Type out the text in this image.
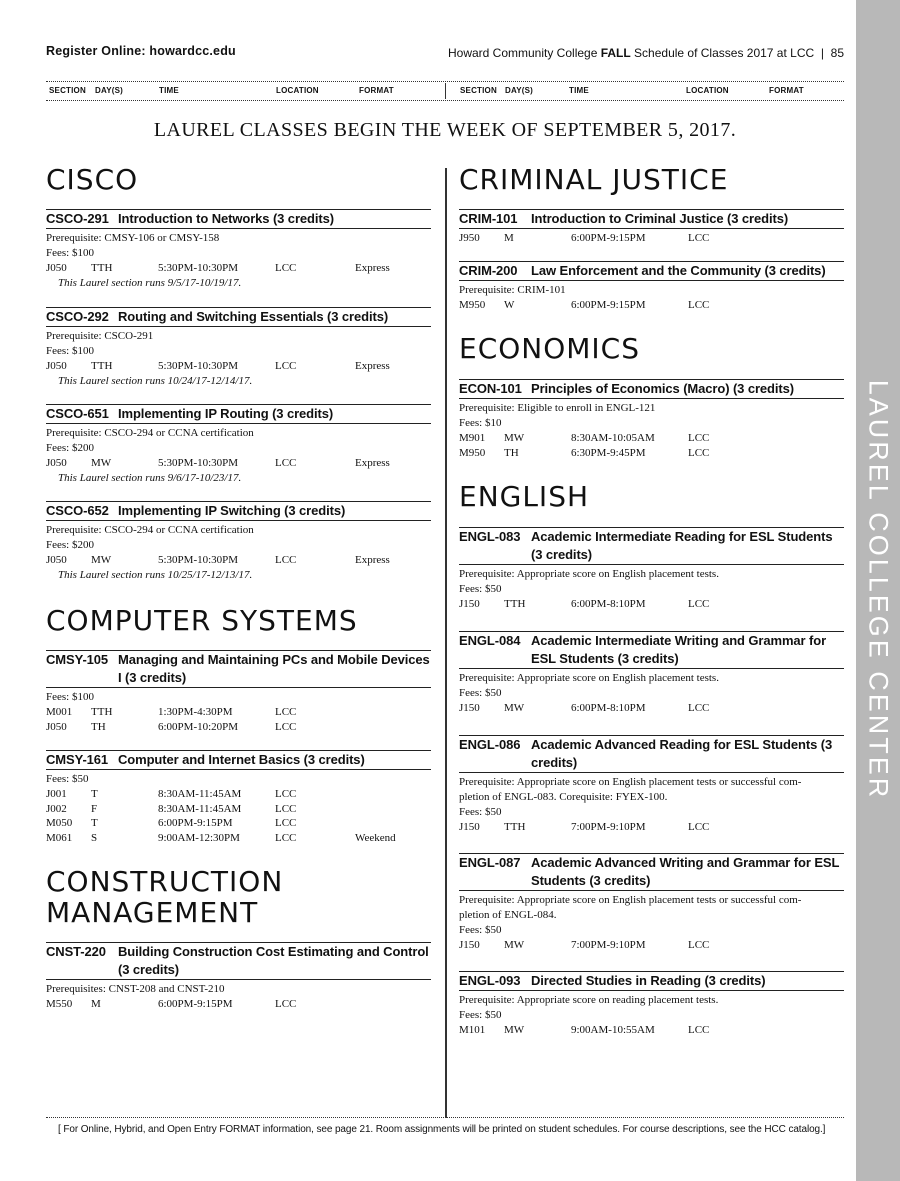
LAUREL COLLEGE CENTER
Register Online: howardcc.edu	Howard Community College FALL Schedule of Classes 2017 at LCC | 85
SECTION DAY(S)	TIME	LOCATION	FORMAT	SECTION DAY(S)	TIME	LOCATION	FORMAT
LAUREL CLASSES BEGIN THE WEEK OF SEPTEMBER 5, 2017.
CISCO
CSCO-291 Introduction to Networks (3 credits)
Prerequisite: CMSY-106 or CMSY-158
Fees: $100
J050	TTH	5:30PM-10:30PM	LCC	Express
This Laurel section runs 9/5/17-10/19/17.
CSCO-292 Routing and Switching Essentials (3 credits)
Prerequisite: CSCO-291
Fees: $100
J050	TTH	5:30PM-10:30PM	LCC	Express
This Laurel section runs 10/24/17-12/14/17.
CSCO-651 Implementing IP Routing (3 credits)
Prerequisite: CSCO-294 or CCNA certification
Fees: $200
J050	MW	5:30PM-10:30PM	LCC	Express
This Laurel section runs 9/6/17-10/23/17.
CSCO-652 Implementing IP Switching (3 credits)
Prerequisite: CSCO-294 or CCNA certification
Fees: $200
J050	MW	5:30PM-10:30PM	LCC	Express
This Laurel section runs 10/25/17-12/13/17.
COMPUTER SYSTEMS
CMSY-105 Managing and Maintaining PCs and Mobile Devices I (3 credits)
Fees: $100
M001	TTH	1:30PM-4:30PM	LCC
J050	TH	6:00PM-10:20PM	LCC
CMSY-161 Computer and Internet Basics (3 credits)
Fees: $50
J001	T	8:30AM-11:45AM	LCC
J002	F	8:30AM-11:45AM	LCC
M050	T	6:00PM-9:15PM	LCC
M061	S	9:00AM-12:30PM	LCC	Weekend
CONSTRUCTION
MANAGEMENT
CNST-220 Building Construction Cost Estimating and Control (3 credits)
Prerequisites: CNST-208 and CNST-210
M550	M	6:00PM-9:15PM	LCC
CRIMINAL JUSTICE
CRIM-101	Introduction to Criminal Justice (3 credits)
J950	M	6:00PM-9:15PM	LCC
CRIM-200	Law Enforcement and the Community (3 credits)
Prerequisite: CRIM-101
M950	W	6:00PM-9:15PM	LCC
ECONOMICS
ECON-101 Principles of Economics (Macro) (3 credits)
Prerequisite: Eligible to enroll in ENGL-121
Fees: $10
M901	MW	8:30AM-10:05AM	LCC
M950	TH	6:30PM-9:45PM	LCC
ENGLISH
ENGL-083 Academic Intermediate Reading for ESL Students (3 credits)
Prerequisite: Appropriate score on English placement tests.
Fees: $50
J150	TTH	6:00PM-8:10PM	LCC
ENGL-084 Academic Intermediate Writing and Grammar for ESL Students (3 credits)
Prerequisite: Appropriate score on English placement tests.
Fees: $50
J150	MW	6:00PM-8:10PM	LCC
ENGL-086 Academic Advanced Reading for ESL Students (3 credits)
Prerequisite: Appropriate score on English placement tests or successful com-
pletion of ENGL-083. Corequisite: FYEX-100.
Fees: $50
J150	TTH	7:00PM-9:10PM	LCC
ENGL-087 Academic Advanced Writing and Grammar for ESL Students (3 credits)
Prerequisite: Appropriate score on English placement tests or successful com-
pletion of ENGL-084.
Fees: $50
J150	MW	7:00PM-9:10PM	LCC
ENGL-093 Directed Studies in Reading (3 credits)
Prerequisite: Appropriate score on reading placement tests.
Fees: $50
M101	MW	9:00AM-10:55AM	LCC
[ For Online, Hybrid, and Open Entry FORMAT information, see page 21. Room assignments will be printed on student schedules. For course descriptions, see the HCC catalog.]
